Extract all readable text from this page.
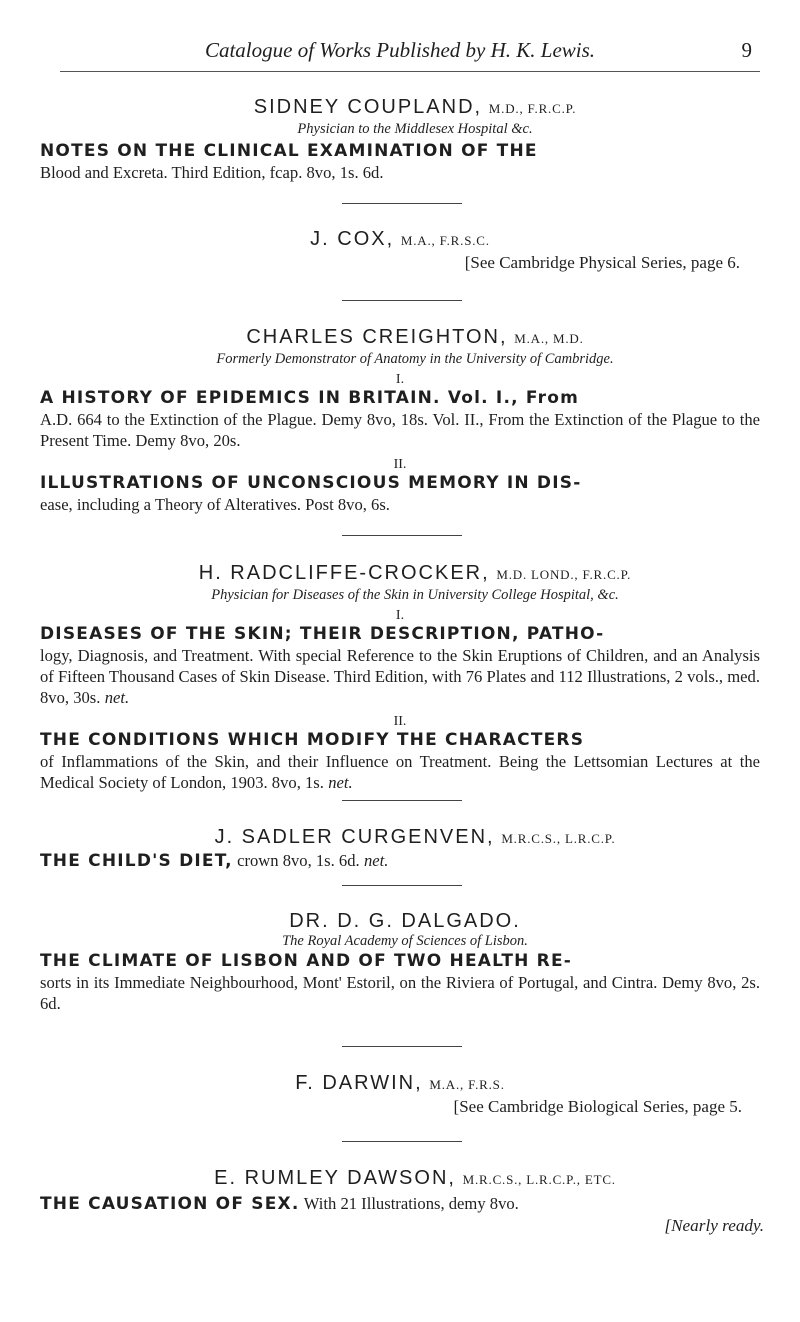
Catalogue of Works Published by H. K. Lewis.	9
SIDNEY COUPLAND, M.D., F.R.C.P.
Physician to the Middlesex Hospital &c.
NOTES ON THE CLINICAL EXAMINATION OF THE
Blood and Excreta. Third Edition, fcap. 8vo, 1s. 6d.
J. COX, M.A., F.R.S.C.
[See Cambridge Physical Series, page 6.
CHARLES CREIGHTON, M.A., M.D.
Formerly Demonstrator of Anatomy in the University of Cambridge.
I.
A HISTORY OF EPIDEMICS IN BRITAIN. Vol. I., From
A.D. 664 to the Extinction of the Plague. Demy 8vo, 18s. Vol. II., From the Extinction of the Plague to the Present Time. Demy 8vo, 20s.
II.
ILLUSTRATIONS OF UNCONSCIOUS MEMORY IN DIS-
ease, including a Theory of Alteratives. Post 8vo, 6s.
H. RADCLIFFE-CROCKER, M.D. LOND., F.R.C.P.
Physician for Diseases of the Skin in University College Hospital, &c.
I.
DISEASES OF THE SKIN; THEIR DESCRIPTION, PATHO-
logy, Diagnosis, and Treatment. With special Reference to the Skin Eruptions of Children, and an Analysis of Fifteen Thousand Cases of Skin Disease. Third Edition, with 76 Plates and 112 Illustrations, 2 vols., med. 8vo, 30s. net.
II.
THE CONDITIONS WHICH MODIFY THE CHARACTERS
of Inflammations of the Skin, and their Influence on Treatment. Being the Lettsomian Lectures at the Medical Society of London, 1903. 8vo, 1s. net.
J. SADLER CURGENVEN, M.R.C.S., L.R.C.P.
THE CHILD'S DIET, crown 8vo, 1s. 6d. net.
DR. D. G. DALGADO.
The Royal Academy of Sciences of Lisbon.
THE CLIMATE OF LISBON AND OF TWO HEALTH RE-
sorts in its Immediate Neighbourhood, Mont' Estoril, on the Riviera of Portugal, and Cintra. Demy 8vo, 2s. 6d.
F. DARWIN, M.A., F.R.S.
[See Cambridge Biological Series, page 5.
E. RUMLEY DAWSON, M.R.C.S., L.R.C.P., ETC.
THE CAUSATION OF SEX. With 21 Illustrations, demy 8vo.
[Nearly ready.
